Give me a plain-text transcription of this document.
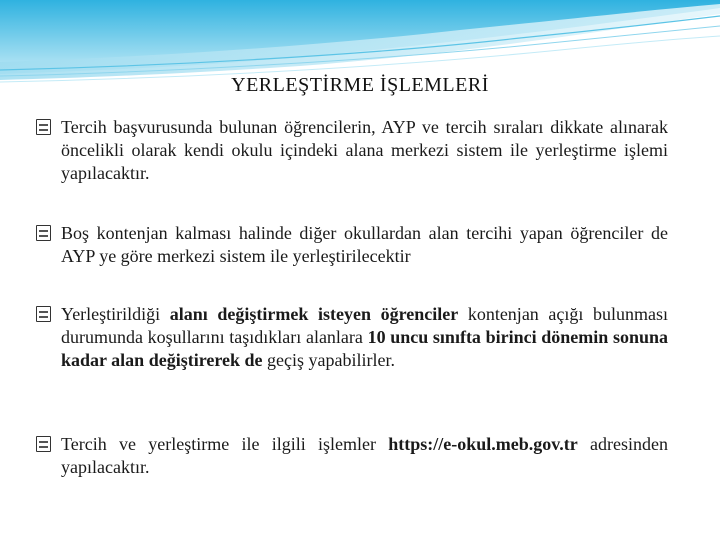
YERLEŞTİRME İŞLEMLERİ
Tercih başvurusunda bulunan öğrencilerin, AYP ve tercih sıraları dikkate alınarak öncelikli olarak kendi okulu içindeki alana merkezi sistem ile yerleştirme işlemi yapılacaktır.
Boş kontenjan kalması halinde diğer okullardan alan tercihi yapan öğrenciler de AYP ye göre merkezi sistem ile yerleştirilecektir
Yerleştirildiği alanı değiştirmek isteyen öğrenciler kontenjan açığı bulunması durumunda koşullarını taşıdıkları alanlara 10 uncu sınıfta birinci dönemin sonuna kadar alan değiştirerek de geçiş yapabilirler.
Tercih ve yerleştirme ile ilgili işlemler https://e-okul.meb.gov.tr adresinden yapılacaktır.
